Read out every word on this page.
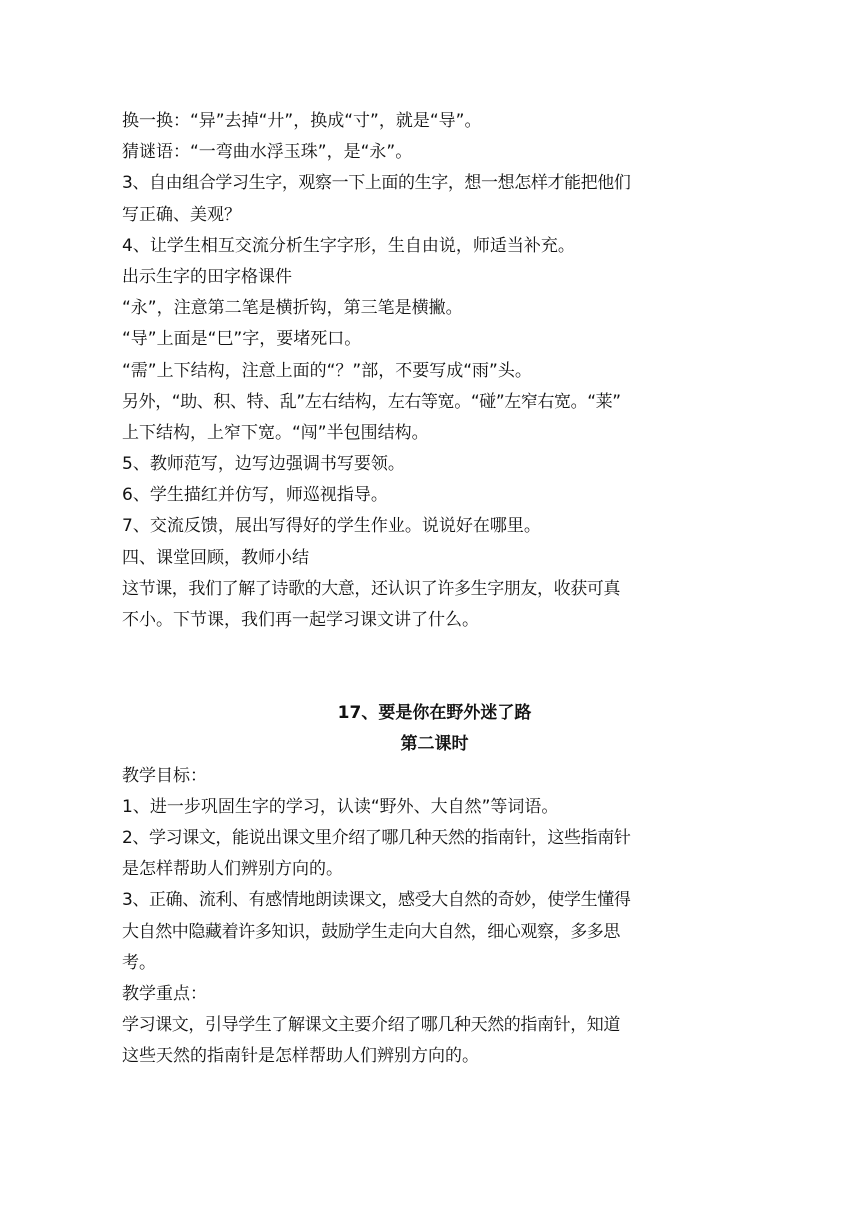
换一换：“异”去掉“廾”，换成“寸”，就是“导”。
猜谜语：“一弯曲水浮玉珠”，是“永”。
3、自由组合学习生字，观察一下上面的生字，想一想怎样才能把他们
写正确、美观？
4、让学生相互交流分析生字字形，生自由说，师适当补充。
出示生字的田字格课件
“永”，注意第二笔是横折钩，第三笔是横撇。
“导”上面是“巳”字，要堵死口。
“需”上下结构，注意上面的“？”部，不要写成“雨”头。
另外，“助、积、特、乱”左右结构，左右等宽。“碰”左窄右宽。“莱”
上下结构，上窄下宽。“闯”半包围结构。
5、教师范写，边写边强调书写要领。
6、学生描红并仿写，师巡视指导。
7、交流反馈，展出写得好的学生作业。说说好在哪里。
四、课堂回顾，教师小结
这节课，我们了解了诗歌的大意，还认识了许多生字朋友，收获可真
不小。下节课，我们再一起学习课文讲了什么。
17、要是你在野外迷了路
第二课时
教学目标：
1、进一步巩固生字的学习，认读“野外、大自然”等词语。
2、学习课文，能说出课文里介绍了哪几种天然的指南针，这些指南针
是怎样帮助人们辨别方向的。
3、正确、流利、有感情地朗读课文，感受大自然的奇妙，使学生懂得
大自然中隐藏着许多知识，鼓励学生走向大自然，细心观察，多多思
考。
教学重点：
学习课文，引导学生了解课文主要介绍了哪几种天然的指南针，知道
这些天然的指南针是怎样帮助人们辨别方向的。
